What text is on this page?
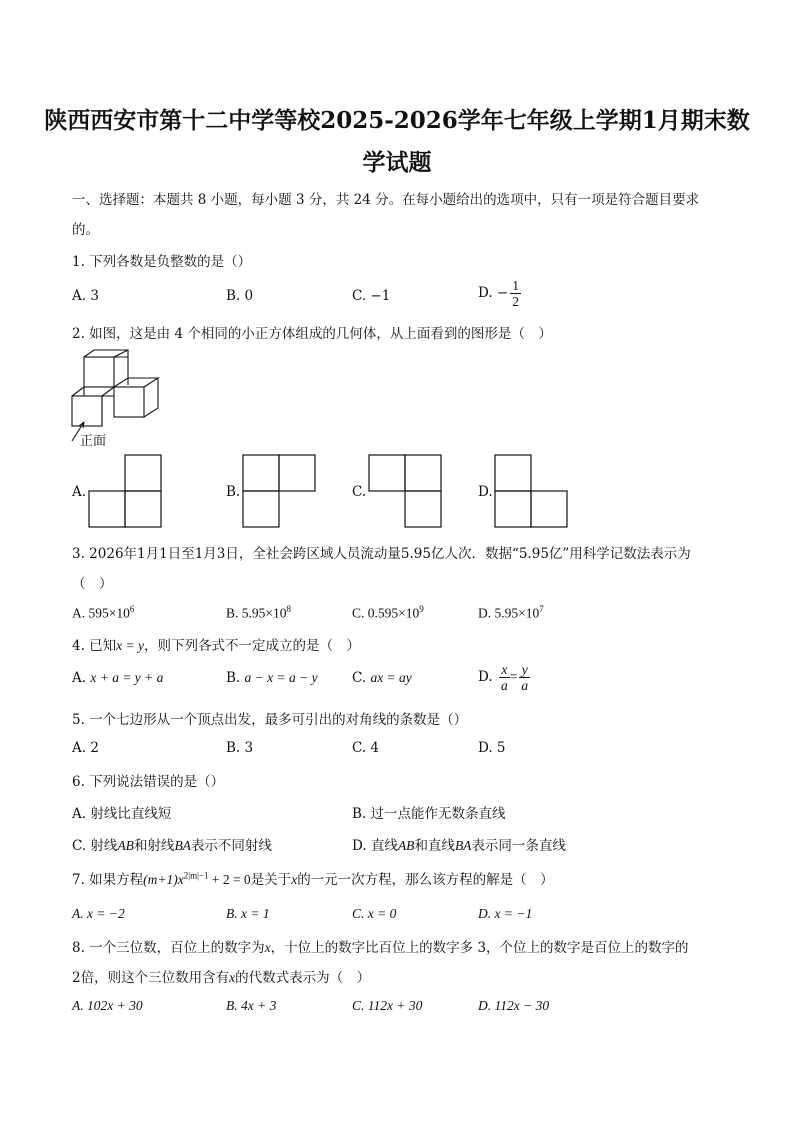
陕西西安市第十二中学等校2025-2026学年七年级上学期1月期末数
学试题
一、选择题：本题共 8 小题，每小题 3 分，共 24 分。在每小题给出的选项中，只有一项是符合题目要求
的。
1. 下列各数是负整数的是（）
A. 3	B. 0	C. −1	D. − $\frac{1}{2}$
2. 如图，这是由 4 个相同的小正方体组成的几何体，从上面看到的图形是（　）
正面
A.	B.	C.	D.
3. 2026年1月1日至1月3日，全社会跨区域人员流动量5.95亿人次．数据“5.95亿”用科学记数法表示为
（　）
A. $595\times 10^6$	B. $5.95\times 10^8$	C. $0.595\times 10^9$	D. $5.95\times 10^7$
4. 已知x = y，则下列各式不一定成立的是（　）
A. x + a = y + a	B. a − x = a − y	C. ax = ay	D. $\frac{x}{a} = \frac{y}{a}$
5. 一个七边形从一个顶点出发，最多可引出的对角线的条数是（）
A. 2	B. 3	C. 4	D. 5
6. 下列说法错误的是（）
A. 射线比直线短	B. 过一点能作无数条直线
C. 射线AB和射线BA表示不同射线	D. 直线AB和直线BA表示同一条直线
7. 如果方程$(m+1)x^{2|m|-1} + 2 = 0$是关于x的一元一次方程，那么该方程的解是（　）
A. x = −2	B. x = 1	C. x = 0	D. x = −1
8. 一个三位数，百位上的数字为x，十位上的数字比百位上的数字多 3，个位上的数字是百位上的数字的
2倍，则这个三位数用含有x的代数式表示为（　）
A. 102x + 30	B. 4x + 3	C. 112x + 30	D. 112x − 30
